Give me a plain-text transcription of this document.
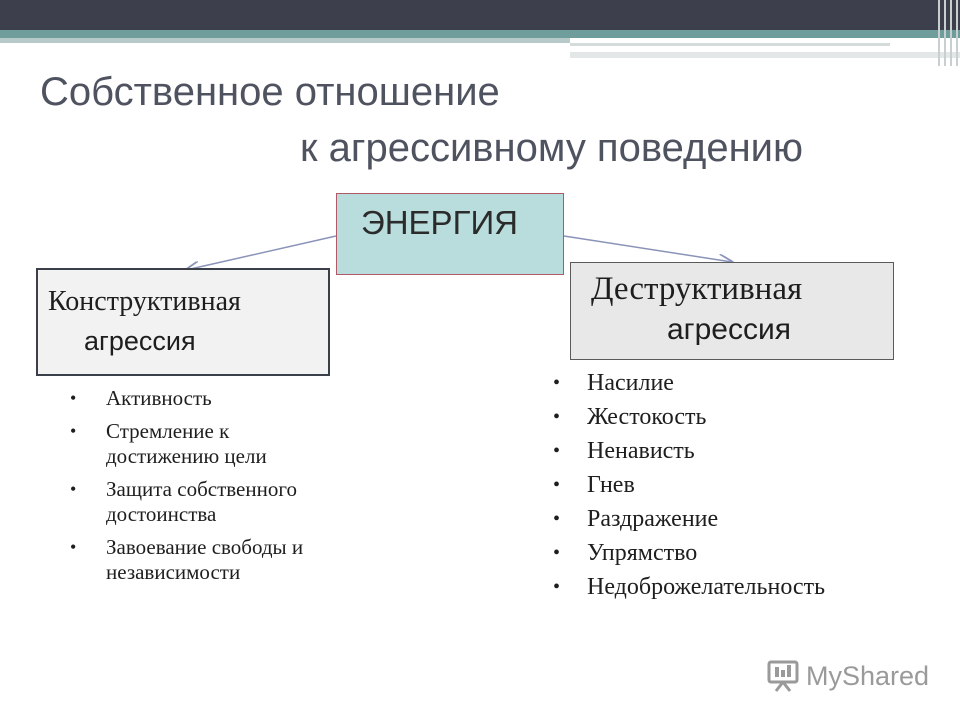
Собственное отношение
к агрессивному поведению
ЭНЕРГИЯ
Конструктивная
агрессия
Деструктивная
агрессия
• Активность
• Стремление к
достижению цели
• Защита собственного
достоинства
• Завоевание свободы и
независимости
• Насилие
• Жестокость
• Ненависть
• Гнев
• Раздражение
• Упрямство
• Недоброжелательность
MyShared
